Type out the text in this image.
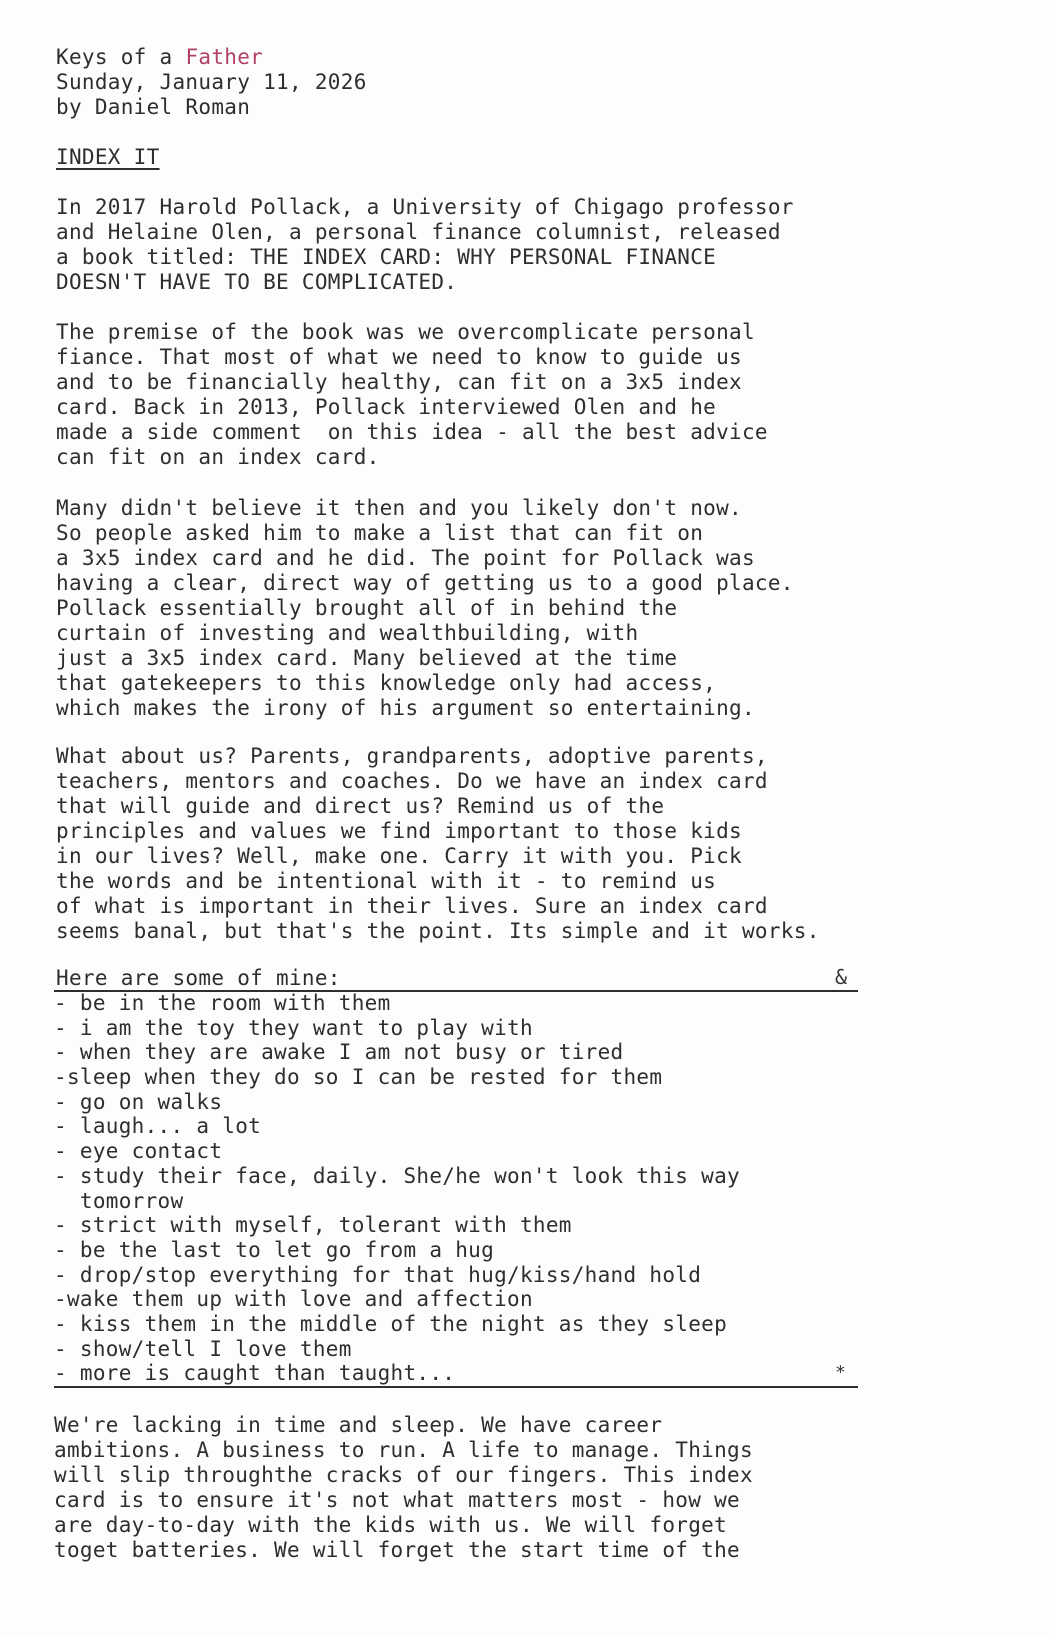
Keys of a Father
Sunday, January 11, 2026
by Daniel Roman
INDEX IT
In 2017 Harold Pollack, a University of Chigago professor
and Helaine Olen, a personal finance columnist, released
a book titled: THE INDEX CARD: WHY PERSONAL FINANCE
DOESN'T HAVE TO BE COMPLICATED.
The premise of the book was we overcomplicate personal
fiance. That most of what we need to know to guide us
and to be financially healthy, can fit on a 3x5 index
card. Back in 2013, Pollack interviewed Olen and he
made a side comment  on this idea - all the best advice
can fit on an index card.
Many didn't believe it then and you likely don't now.
So people asked him to make a list that can fit on
a 3x5 index card and he did. The point for Pollack was
having a clear, direct way of getting us to a good place.
Pollack essentially brought all of in behind the
curtain of investing and wealthbuilding, with
just a 3x5 index card. Many believed at the time
that gatekeepers to this knowledge only had access,
which makes the irony of his argument so entertaining.
What about us? Parents, grandparents, adoptive parents,
teachers, mentors and coaches. Do we have an index card
that will guide and direct us? Remind us of the
principles and values we find important to those kids
in our lives? Well, make one. Carry it with you. Pick
the words and be intentional with it - to remind us
of what is important in their lives. Sure an index card
seems banal, but that's the point. Its simple and it works.
Here are some of mine:	&
- be in the room with them
- i am the toy they want to play with
- when they are awake I am not busy or tired
-sleep when they do so I can be rested for them
- go on walks
- laugh... a lot
- eye contact
- study their face, daily. She/he won't look this way
tomorrow
- strict with myself, tolerant with them
- be the last to let go from a hug
- drop/stop everything for that hug/kiss/hand hold
-wake them up with love and affection
- kiss them in the middle of the night as they sleep
- show/tell I love them
- more is caught than taught...	*
We're lacking in time and sleep. We have career
ambitions. A business to run. A life to manage. Things
will slip throughthe cracks of our fingers. This index
card is to ensure it's not what matters most - how we
are day-to-day with the kids with us. We will forget
toget batteries. We will forget the start time of the
